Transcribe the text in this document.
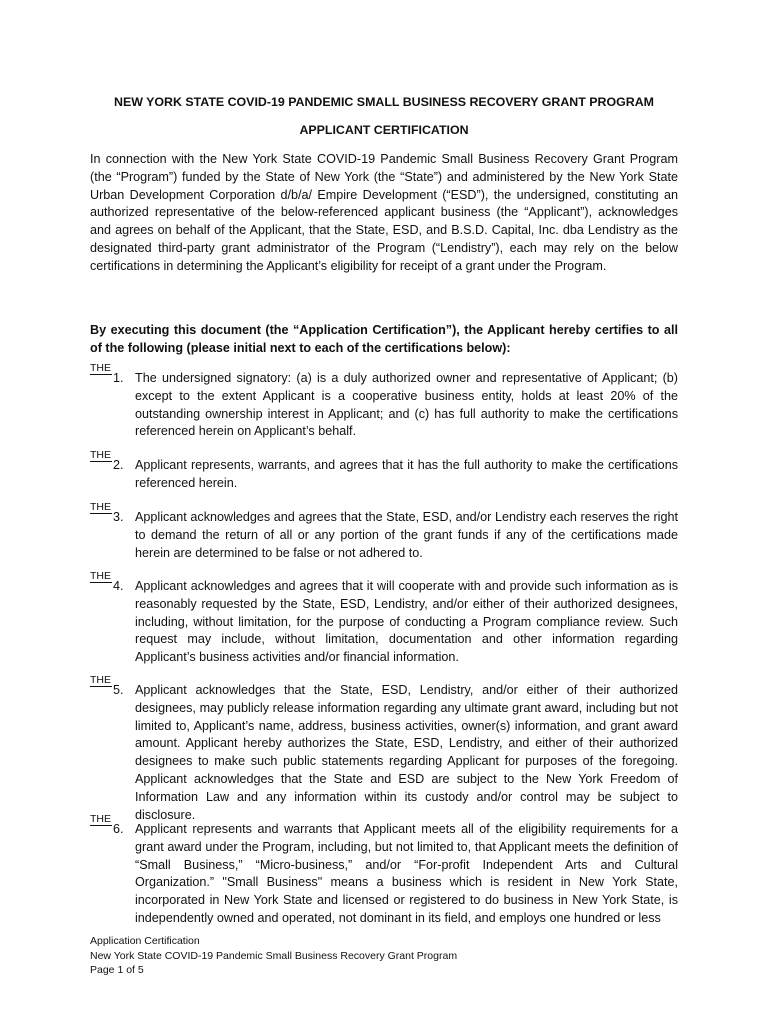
NEW YORK STATE COVID-19 PANDEMIC SMALL BUSINESS RECOVERY GRANT PROGRAM
APPLICANT CERTIFICATION
In connection with the New York State COVID-19 Pandemic Small Business Recovery Grant Program (the “Program”) funded by the State of New York (the “State”) and administered by the New York State Urban Development Corporation d/b/a/ Empire Development (“ESD”), the undersigned, constituting an authorized representative of the below-referenced applicant business (the “Applicant”), acknowledges and agrees on behalf of the Applicant, that the State, ESD, and B.S.D. Capital, Inc. dba Lendistry as the designated third-party grant administrator of the Program (“Lendistry”), each may rely on the below certifications in determining the Applicant’s eligibility for receipt of a grant under the Program.
By executing this document (the “Application Certification”), the Applicant hereby certifies to all of the following (please initial next to each of the certifications below):
THE
1. The undersigned signatory: (a) is a duly authorized owner and representative of Applicant; (b) except to the extent Applicant is a cooperative business entity, holds at least 20% of the outstanding ownership interest in Applicant; and (c) has full authority to make the certifications referenced herein on Applicant’s behalf.
THE
2. Applicant represents, warrants, and agrees that it has the full authority to make the certifications referenced herein.
THE
3. Applicant acknowledges and agrees that the State, ESD, and/or Lendistry each reserves the right to demand the return of all or any portion of the grant funds if any of the certifications made herein are determined to be false or not adhered to.
THE
4. Applicant acknowledges and agrees that it will cooperate with and provide such information as is reasonably requested by the State, ESD, Lendistry, and/or either of their authorized designees, including, without limitation, for the purpose of conducting a Program compliance review. Such request may include, without limitation, documentation and other information regarding Applicant’s business activities and/or financial information.
THE
5. Applicant acknowledges that the State, ESD, Lendistry, and/or either of their authorized designees, may publicly release information regarding any ultimate grant award, including but not limited to, Applicant’s name, address, business activities, owner(s) information, and grant award amount. Applicant hereby authorizes the State, ESD, Lendistry, and either of their authorized designees to make such public statements regarding Applicant for purposes of the foregoing. Applicant acknowledges that the State and ESD are subject to the New York Freedom of Information Law and any information within its custody and/or control may be subject to disclosure.
THE
6. Applicant represents and warrants that Applicant meets all of the eligibility requirements for a grant award under the Program, including, but not limited to, that Applicant meets the definition of “Small Business,” “Micro-business,” and/or “For-profit Independent Arts and Cultural Organization.” "Small Business" means a business which is resident in New York State, incorporated in New York State and licensed or registered to do business in New York State, is independently owned and operated, not dominant in its field, and employs one hundred or less
Application Certification
New York State COVID-19 Pandemic Small Business Recovery Grant Program
Page 1 of 5
